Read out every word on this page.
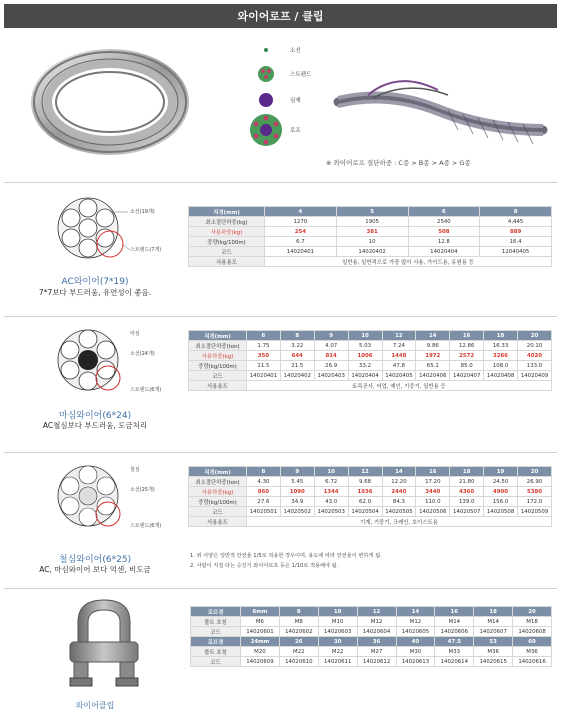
와이어로프 / 클립
소선
스트랜드
심재
로프
※ 와이어로프 절단하중 : C종 > B종 > A종 > G종
소선(19개)
스트랜드(7개)
AC와이어(7*19)
7*7보다 부드러움, 유연성이 좋음.
직경(mm)	4	5	6	8
최소절단하중(kg)	1270	1905	2540	4,445
사용하중(kg)	254	381	508	889
중량(kg/100m)	6.7	10	12.8	16.4
코드	14020401	14020402	14020404	12040405
사용용도	일반용, 일반적으로 가장 많이 사용, 가이드용, 유원용 등			
마심
소선(24개)
스트랜드(6개)
마심와이어(6*24)
AC철심보다 부드러움, 도금처리
직경(mm)	6	8	9	10	12	14	16	18	20
최소절단하중(ton)	1.75	3.22	4.07	5.03	7.24	9.86	12.86	16.33	20.10
사용하중(kg)	350	644	814	1006	1448	1972	2572	3266	4020
중량(kg/100m)	11.5	21.5	26.9	33.2	47.8	65.1	85.0	108.0	133.0
코드	14020401	14020402	14020403	14020404	14020405	14020406	14020407	14020408	14020409
사용용도	토목공사, 어업, 예인, 기중기, 일반용 등								
철심
소선(25개)
스트랜드(6개)
철심와이어(6*25)
AC, 마심와이어 보다 억센, 비도금
직경(mm)	8	9	10	12	14	16	18	19	20
최소절단하중(ton)	4.30	5.45	6.72	9.68	12.20	17.20	21.80	24.50	26.90
사용하중(kg)	860	1090	1344	1936	2440	3440	4360	4900	5380
중량(kg/100m)	27.6	34.9	43.0	62.0	84.3	110.0	139.0	156.0	172.0
코드	14020501	14020502	14020503	14020504	14020505	14020506	14020507	14020508	14020509
사용용도	기계, 기중기, 크레인, 호이스트용								
1. 위 사양은 일반적 안전율 1/5로 적용한 경우이며, 용도에 따라 안전율이 변하게 됨.
2. 사람이 직접 타는 승강기 와이어로프 등은 1/10로 적용해야 됨.
와이어클립
로프경	6mm	8	10	12	14	16	18	20
볼트 호칭	M6	M8	M10	M12	M12	M14	M14	M18
코드	14020601	14020602	14020603	14020604	14020605	14020606	14020607	14020608
로프경	24mm	26	30	36	40	47.5	53	60
볼트 호칭	M20	M22	M22	M27	M30	M33	M36	M36
코드	14020609	14020610	14020611	14020612	14020613	14020614	14020615	14020616
